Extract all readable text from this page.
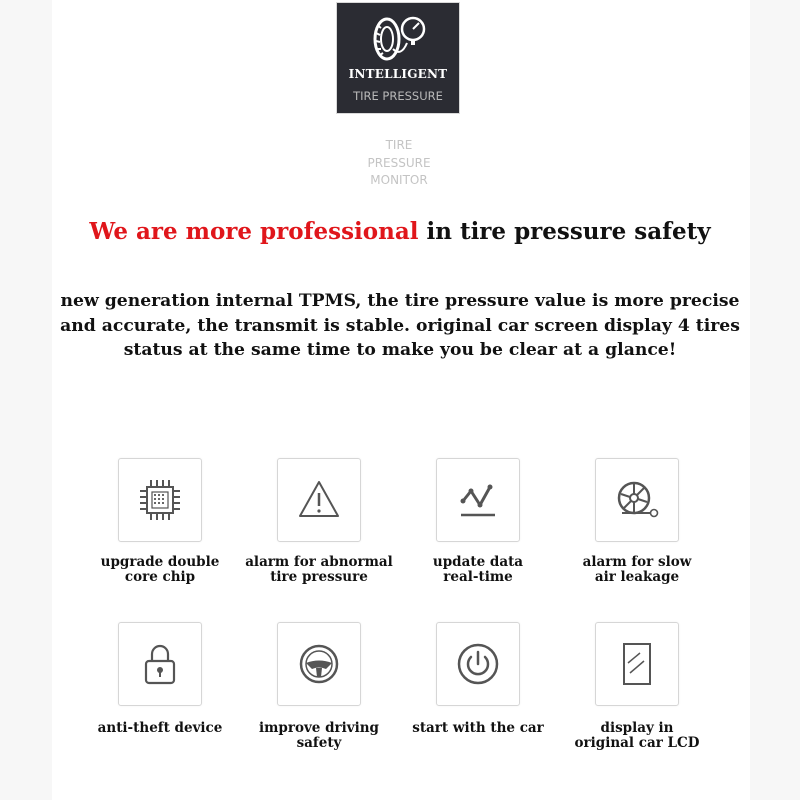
INTELLIGENT
TIRE PRESSURE
TIRE
PRESSURE
MONITOR
We are more professional in tire pressure safety
new generation internal TPMS, the tire pressure value is more precise and accurate, the transmit is stable. original car screen display 4 tires status at the same time to make you be clear at a glance!
upgrade double
core chip
alarm for abnormal
tire pressure
update data
real-time
alarm for slow
air leakage
anti-theft device	improve driving
safety
start with the car	display in
original car LCD
